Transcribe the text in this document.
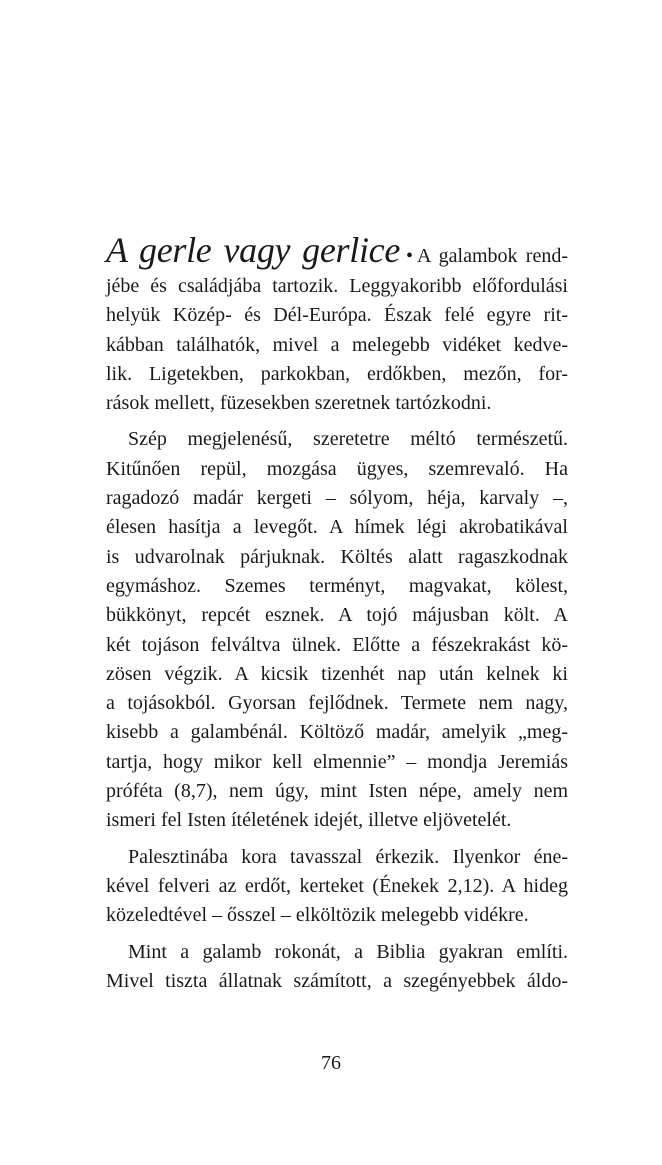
A gerle vagy gerlice • A galambok rend-
jébe és családjába tartozik. Leggyakoribb előfordulási
helyük Közép- és Dél-Európa. Észak felé egyre rit-
kábban találhatók, mivel a melegebb vidéket kedve-
lik. Ligetekben, parkokban, erdőkben, mezőn, for-
rások mellett, füzesekben szeretnek tartózkodni.
Szép megjelenésű, szeretetre méltó természetű.
Kitűnően repül, mozgása ügyes, szemrevaló. Ha
ragadozó madár kergeti – sólyom, héja, karvaly –,
élesen hasítja a levegőt. A hímek légi akrobatikával
is udvarolnak párjuknak. Költés alatt ragaszkodnak
egymáshoz. Szemes terményt, magvakat, kölest,
bükkönyt, repcét esznek. A tojó májusban költ. A
két tojáson felváltva ülnek. Előtte a fészekrakást kö-
zösen végzik. A kicsik tizenhét nap után kelnek ki
a tojásokból. Gyorsan fejlődnek. Termete nem nagy,
kisebb a galambénál. Költöző madár, amelyik „meg-
tartja, hogy mikor kell elmennie” – mondja Jeremiás
próféta (8,7), nem úgy, mint Isten népe, amely nem
ismeri fel Isten ítéletének idejét, illetve eljövetelét.
Palesztinába kora tavasszal érkezik. Ilyenkor éne-
kével felveri az erdőt, kerteket (Énekek 2,12). A hideg
közeledtével – ősszel – elköltözik melegebb vidékre.
Mint a galamb rokonát, a Biblia gyakran említi.
Mivel tiszta állatnak számított, a szegényebbek áldo-
76
